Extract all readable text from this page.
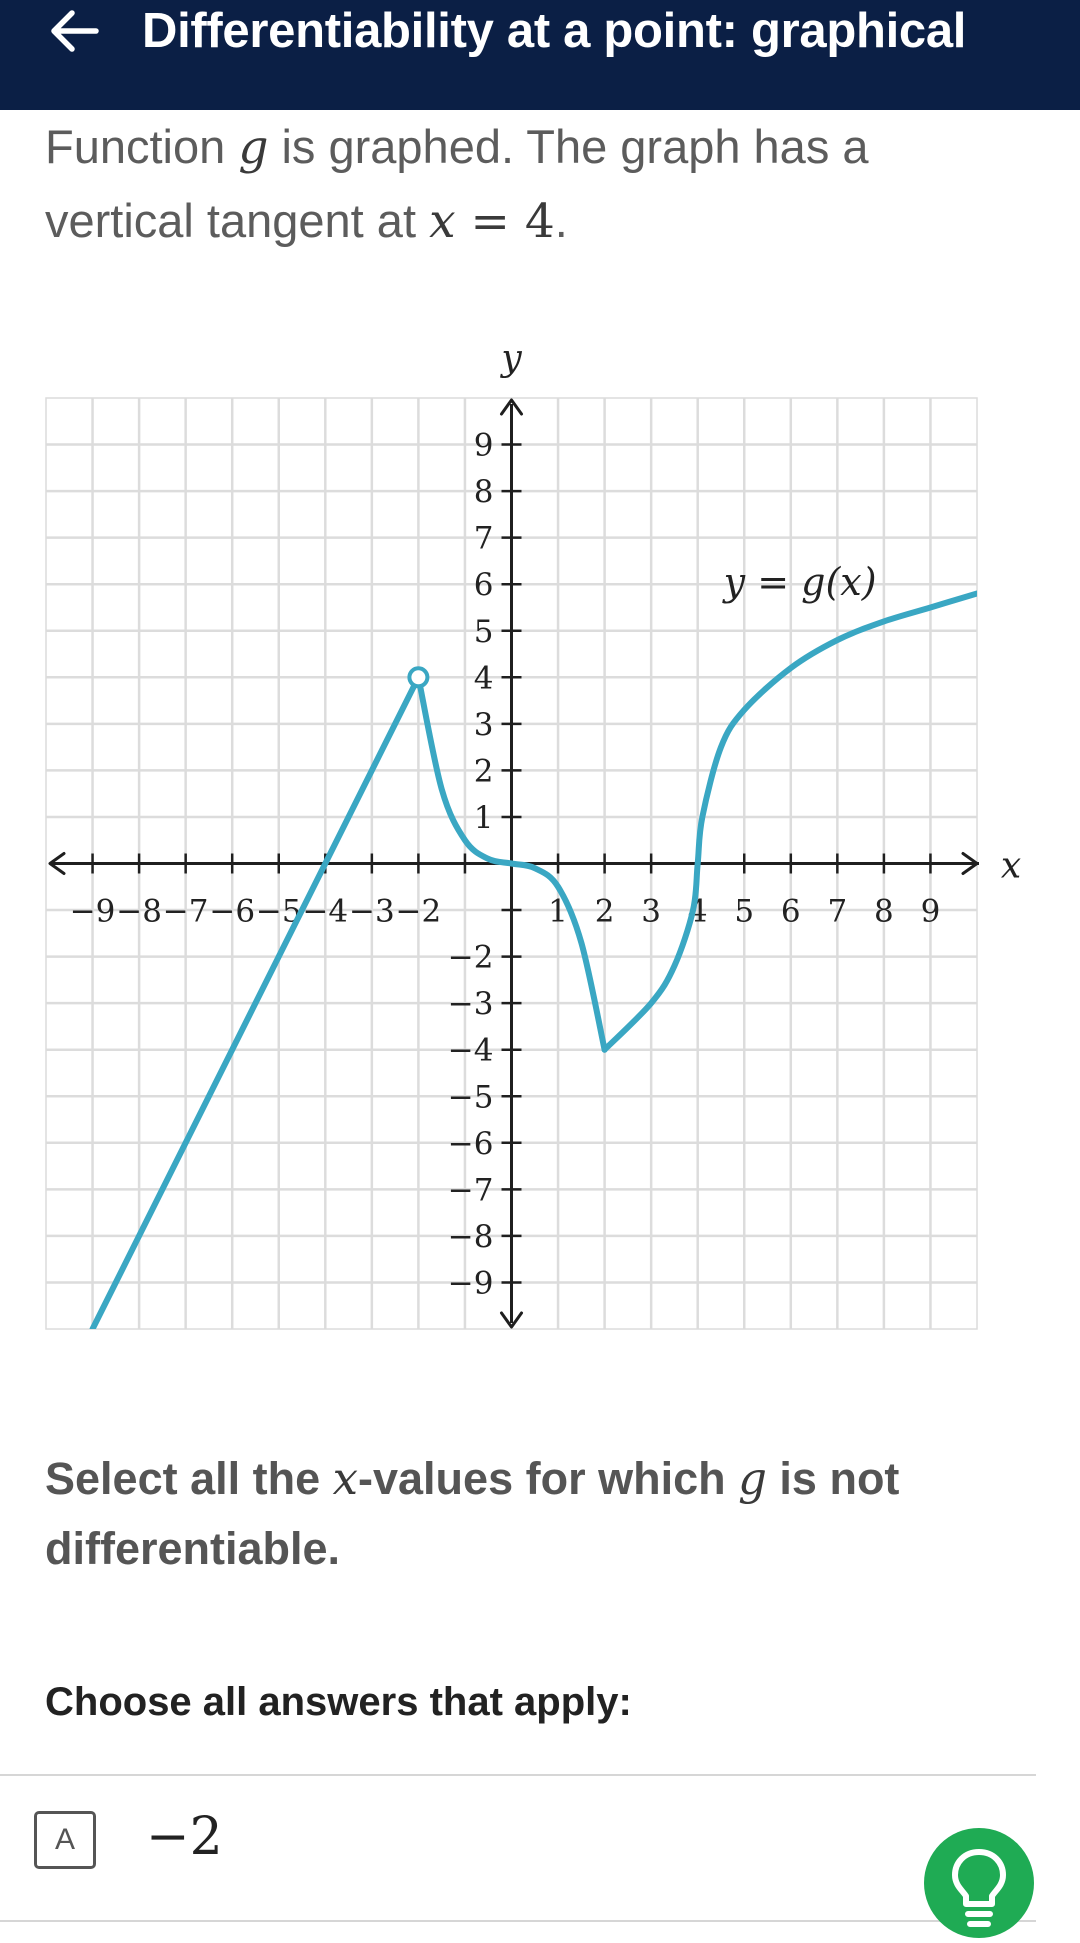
Differentiability at a point: graphical
Function g is graphed. The graph has a vertical tangent at x = 4.
x
y
−9 −8 −7 −6 −5 −4 −3 −2	1 2 3 4 5 6 7 8 9
9
8
7
6
5
4
3
2
1
−2
−3
−4
−5
−6
−7
−8
−9
y = g(x)
Select all the x-values for which g is not differentiable.
Choose all answers that apply:
A	−2
